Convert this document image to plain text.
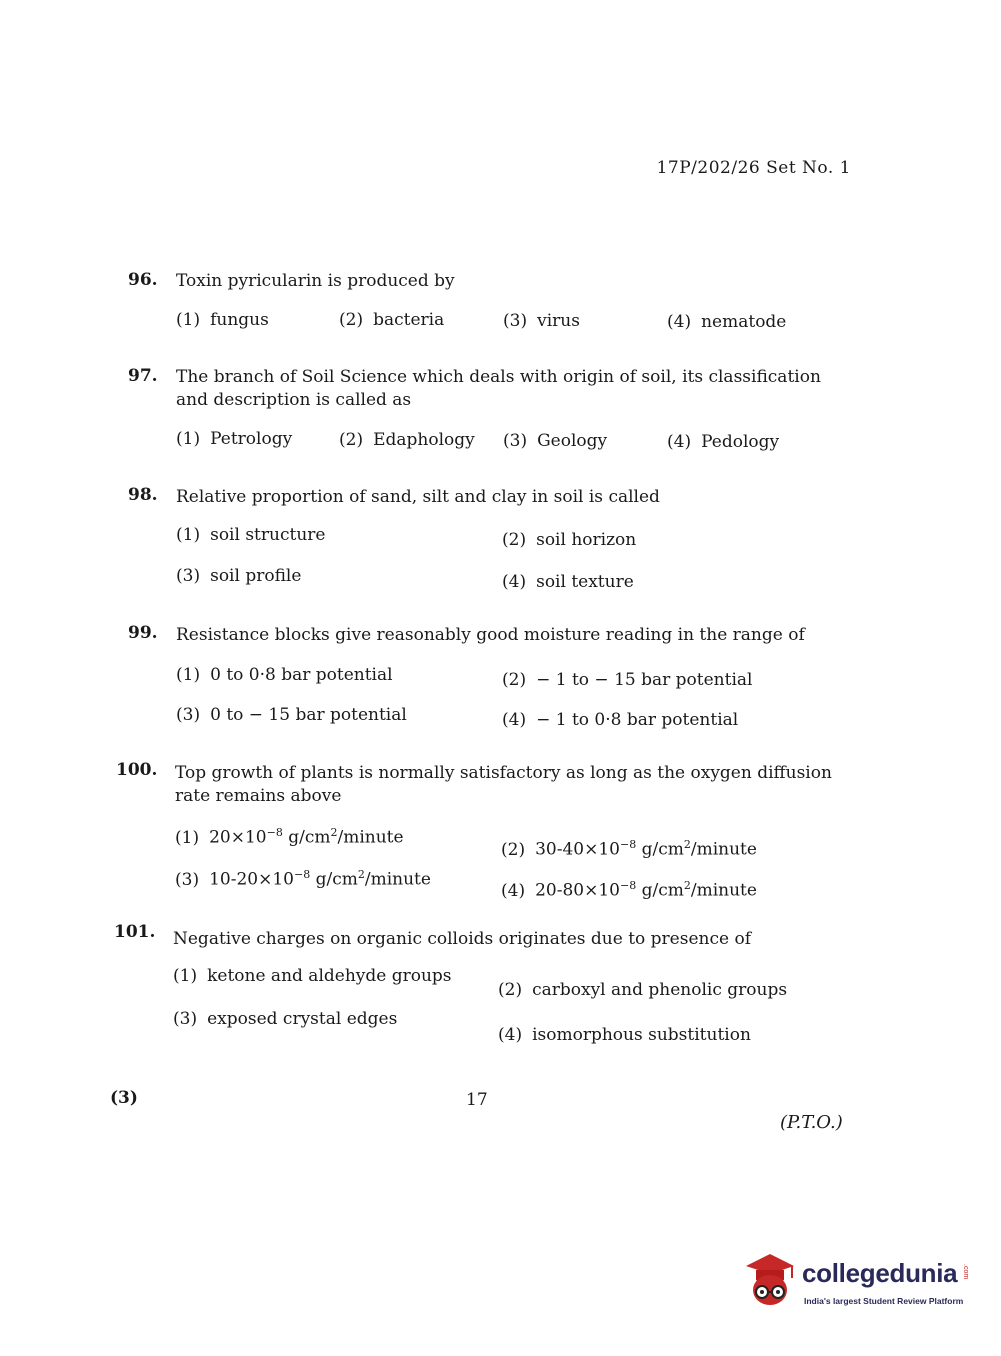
17P/202/26 Set No. 1
96. Toxin pyricularin is produced by
(1) fungus	(2) bacteria	(3) virus	(4) nematode
97. The branch of Soil Science which deals with origin of soil, its classification and description is called as
(1) Petrology	(2) Edaphology (3) Geology	(4) Pedology
98. Relative proportion of sand, silt and clay in soil is called
(1) soil structure	(2) soil horizon
(3) soil profile	(4) soil texture
99. Resistance blocks give reasonably good moisture reading in the range of
(1) 0 to 0·8 bar potential	(2) − 1 to − 15 bar potential
(3) 0 to − 15 bar potential	(4) − 1 to 0·8 bar potential
100. Top growth of plants is normally satisfactory as long as the oxygen diffusion rate remains above
(1) $20\times 10^{-8}$ $g/cm^2$/minute
(2) $30-40\times 10^{-8}$ $g/cm^2$/minute
(3) $10-20\times 10^{-8}$ $g/cm^2$/minute
(4) $20-80\times 10^{-8}$ $g/cm^2$/minute
101. Negative charges on organic colloids originates due to presence of
(1) ketone and aldehyde groups
(2) carboxyl and phenolic groups
(3) exposed crystal edges
(4) isomorphous substitution
(3)	17
(P.T.O.)
collegedunia .com
India's largest Student Review Platform
